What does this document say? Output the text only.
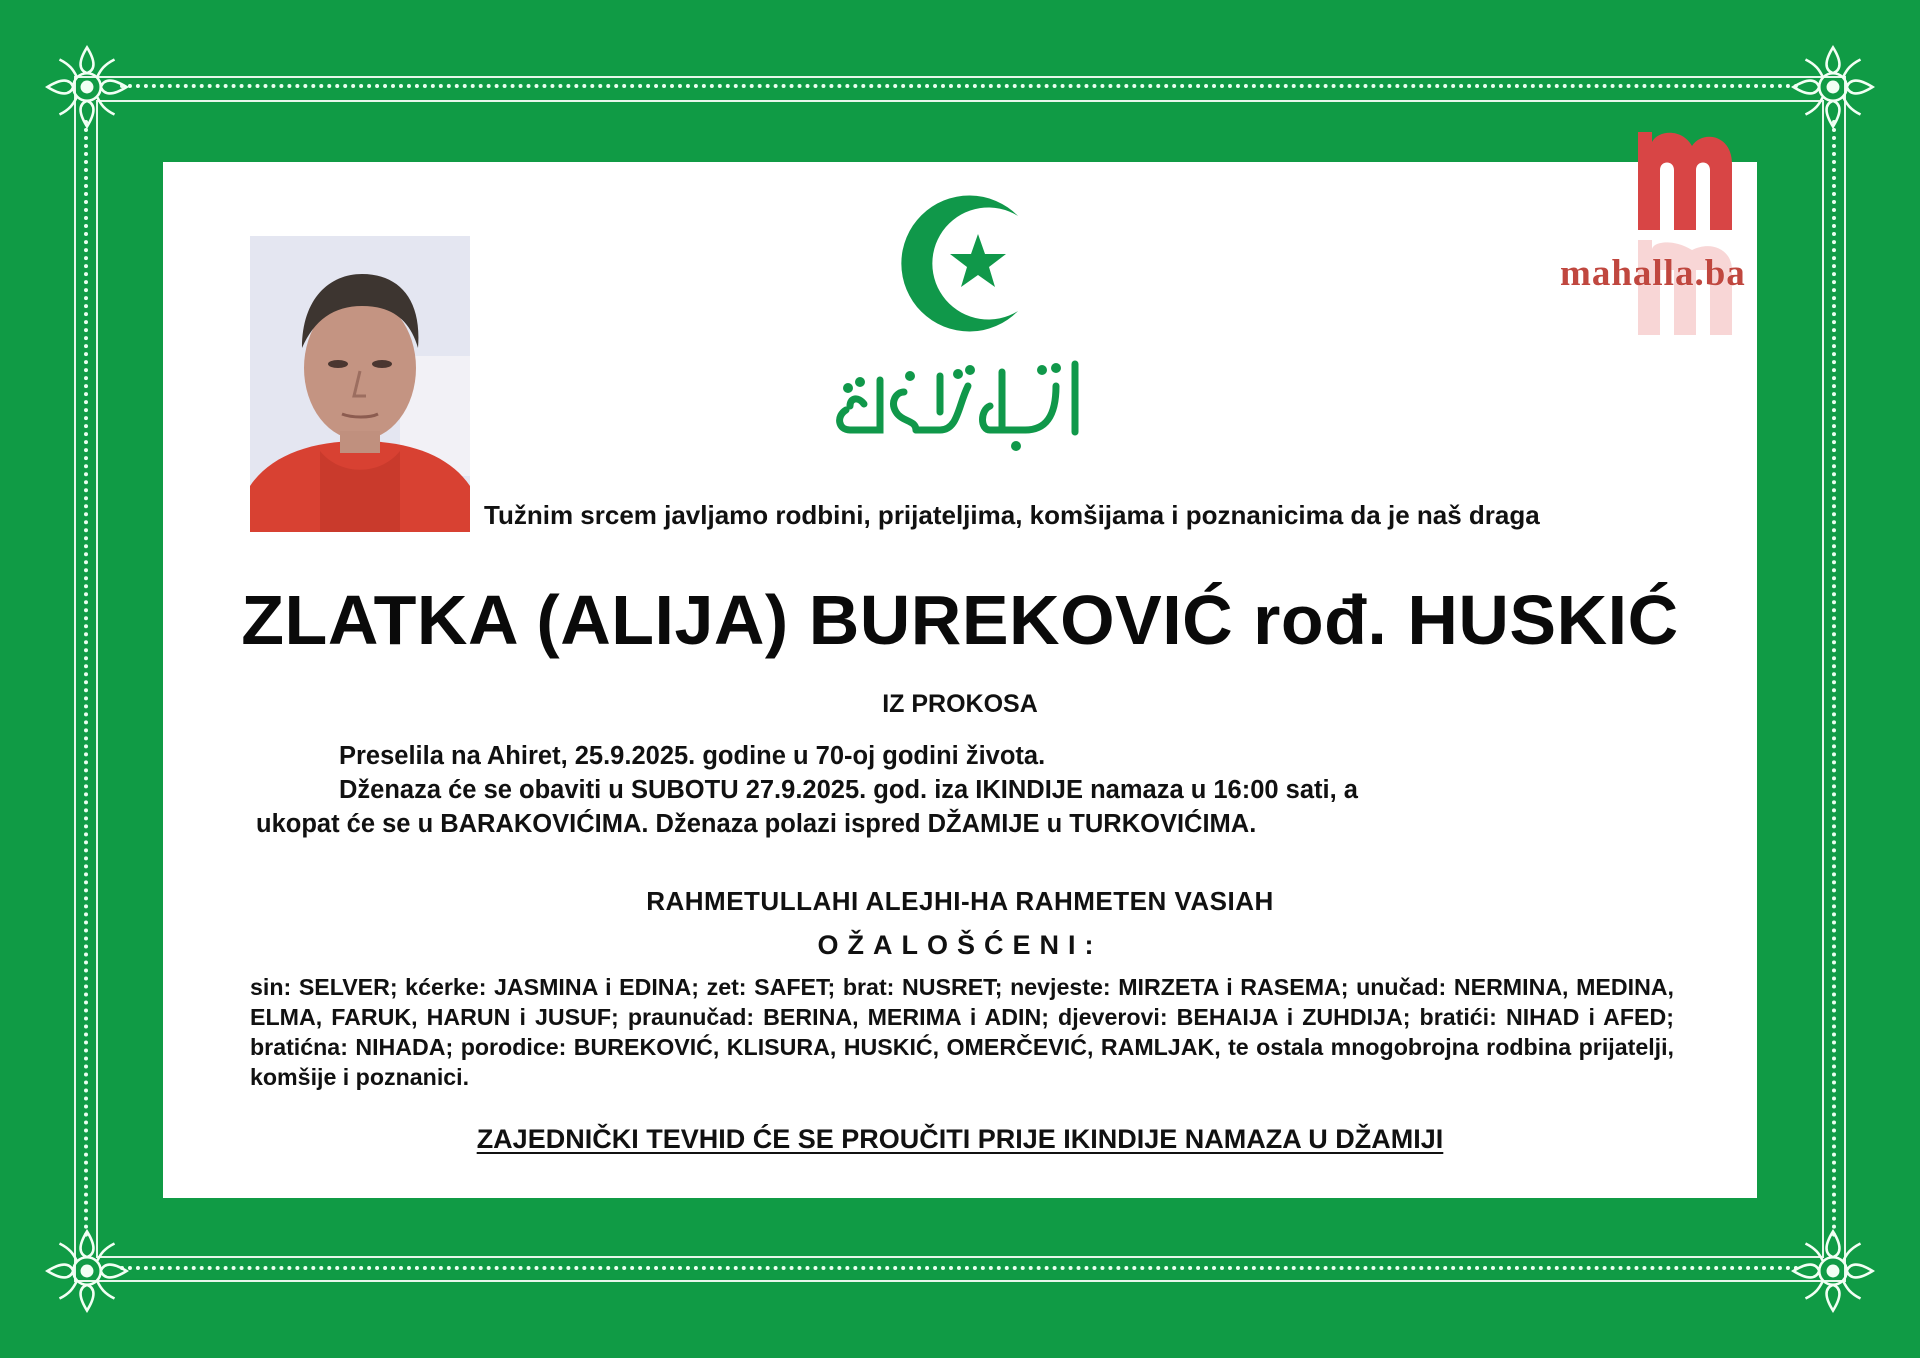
mahalla.ba
Tužnim srcem javljamo rodbini, prijateljima, komšijama i poznanicima da je naš draga
ZLATKA (ALIJA) BUREKOVIĆ rođ. HUSKIĆ
IZ PROKOSA
Preselila na Ahiret, 25.9.2025. godine u 70-oj godini života.
Dženaza će se obaviti u SUBOTU 27.9.2025. god. iza IKINDIJE namaza u 16:00 sati, a
ukopat će se u BARAKOVIĆIMA. Dženaza polazi ispred DŽAMIJE u TURKOVIĆIMA.
RAHMETULLAHI ALEJHI-HA RAHMETEN VASIAH
OŽALOŠĆENI:
sin: SELVER; kćerke: JASMINA i EDINA; zet: SAFET; brat: NUSRET; nevjeste: MIRZETA i RASEMA; unučad: NERMINA, MEDINA, ELMA, FARUK, HARUN i JUSUF; praunučad: BERINA, MERIMA i ADIN; djeverovi: BEHAIJA i ZUHDIJA; bratići: NIHAD i AFED; bratićna: NIHADA; porodice: BUREKOVIĆ, KLISURA, HUSKIĆ, OMERČEVIĆ, RAMLJAK, te ostala mnogobrojna rodbina prijatelji, komšije i poznanici.
ZAJEDNIČKI TEVHID ĆE SE PROUČITI PRIJE IKINDIJE NAMAZA U DŽAMIJI
